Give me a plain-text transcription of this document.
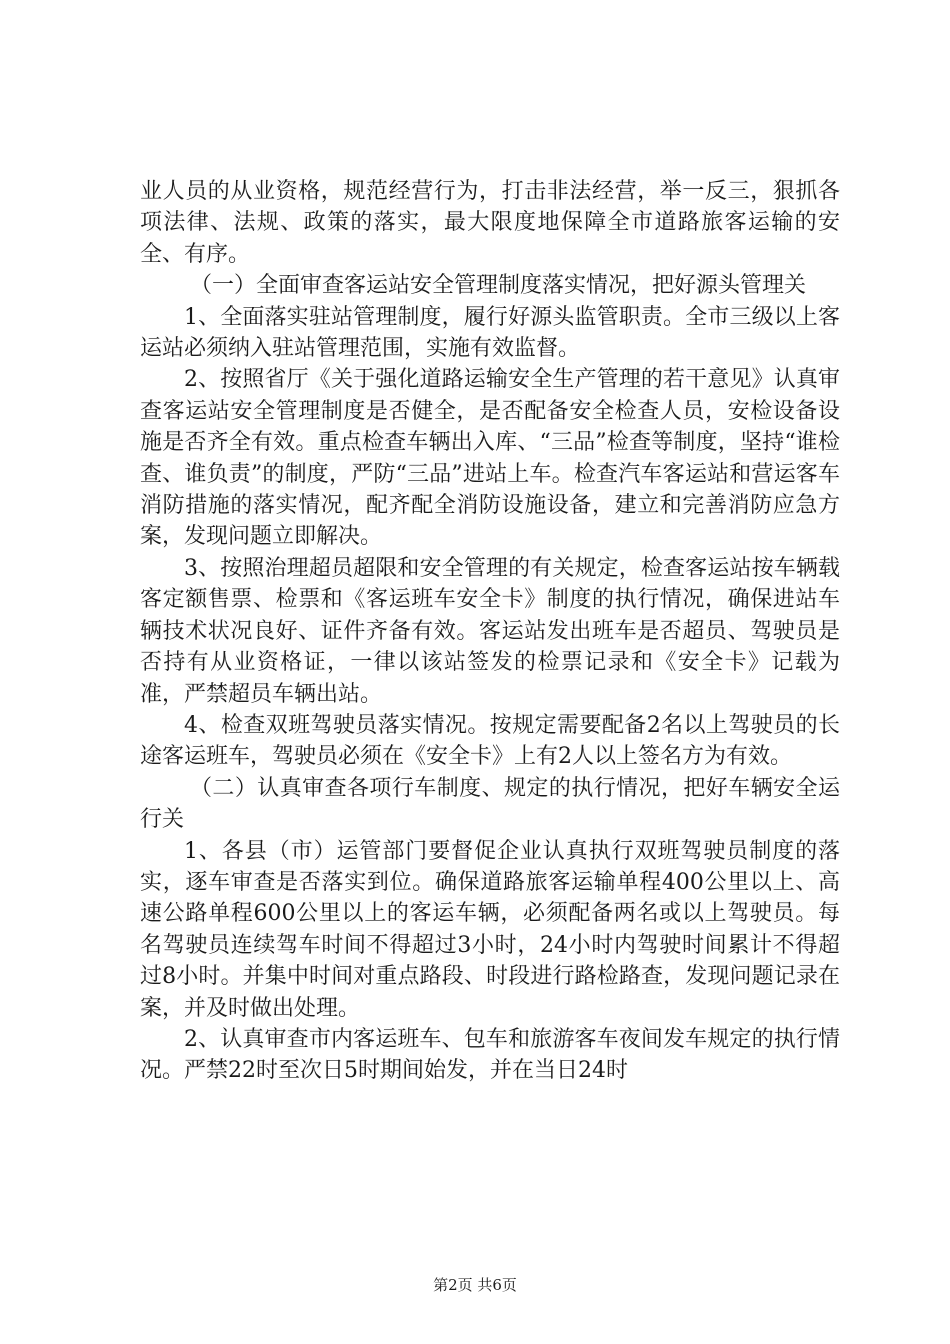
业人员的从业资格，规范经营行为，打击非法经营，举一反三，狠抓各项法律、法规、政策的落实，最大限度地保障全市道路旅客运输的安全、有序。

（一）全面审查客运站安全管理制度落实情况，把好源头管理关

1、全面落实驻站管理制度，履行好源头监管职责。全市三级以上客运站必须纳入驻站管理范围，实施有效监督。

2、按照省厅《关于强化道路运输安全生产管理的若干意见》认真审查客运站安全管理制度是否健全，是否配备安全检查人员，安检设备设施是否齐全有效。重点检查车辆出入库、“三品”检查等制度，坚持“谁检查、谁负责”的制度，严防“三品”进站上车。检查汽车客运站和营运客车消防措施的落实情况，配齐配全消防设施设备，建立和完善消防应急方案，发现问题立即解决。

3、按照治理超员超限和安全管理的有关规定，检查客运站按车辆载客定额售票、检票和《客运班车安全卡》制度的执行情况，确保进站车辆技术状况良好、证件齐备有效。客运站发出班车是否超员、驾驶员是否持有从业资格证，一律以该站签发的检票记录和《安全卡》记载为准，严禁超员车辆出站。

4、检查双班驾驶员落实情况。按规定需要配备2名以上驾驶员的长途客运班车，驾驶员必须在《安全卡》上有2人以上签名方为有效。

（二）认真审查各项行车制度、规定的执行情况，把好车辆安全运行关

1、各县（市）运管部门要督促企业认真执行双班驾驶员制度的落实，逐车审查是否落实到位。确保道路旅客运输单程400公里以上、高速公路单程600公里以上的客运车辆，必须配备两名或以上驾驶员。每名驾驶员连续驾车时间不得超过3小时，24小时内驾驶时间累计不得超过8小时。并集中时间对重点路段、时段进行路检路查，发现问题记录在案，并及时做出处理。

2、认真审查市内客运班车、包车和旅游客车夜间发车规定的执行情况。严禁22时至次日5时期间始发，并在当日24时

第2页 共6页
